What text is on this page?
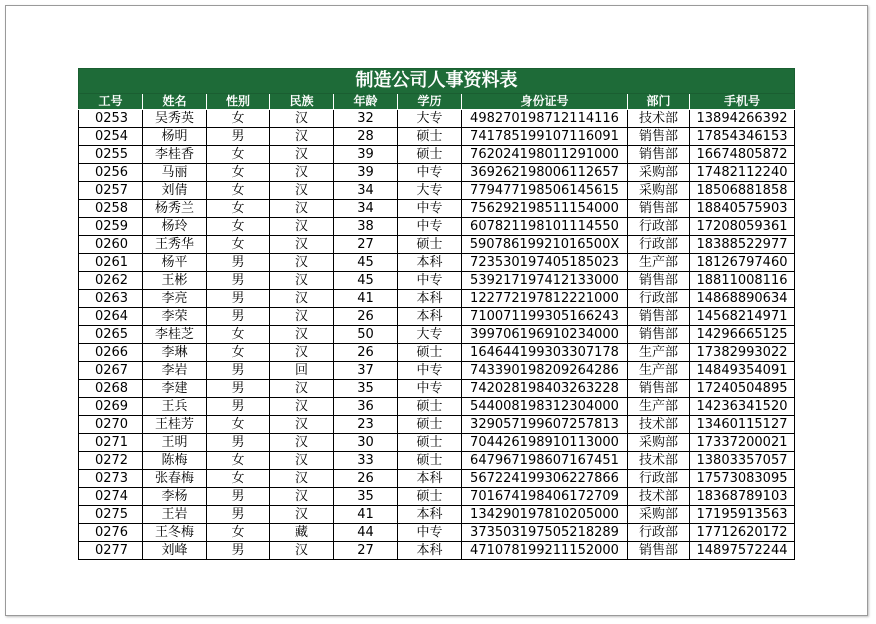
制造公司人事资料表								
工号	姓名	性别	民族	年龄	学历	身份证号	部门	手机号
0253	吴秀英	女	汉	32	大专	498270198712114116	技术部	13894266392
0254	杨明	男	汉	28	硕士	741785199107116091	销售部	17854346153
0255	李桂香	女	汉	39	硕士	762024198011291000	销售部	16674805872
0256	马丽	女	汉	39	中专	369262198006112657	采购部	17482112240
0257	刘倩	女	汉	34	大专	779477198506145615	采购部	18506881858
0258	杨秀兰	女	汉	34	中专	756292198511154000	销售部	18840575903
0259	杨玲	女	汉	38	中专	607821198101114550	行政部	17208059361
0260	王秀华	女	汉	27	硕士	59078619921016500X	行政部	18388522977
0261	杨平	男	汉	45	本科	723530197405185023	生产部	18126797460
0262	王彬	男	汉	45	中专	539217197412133000	销售部	18811008116
0263	李亮	男	汉	41	本科	122772197812221000	行政部	14868890634
0264	李荣	男	汉	26	本科	710071199305166243	销售部	14568214971
0265	李桂芝	女	汉	50	大专	399706196910234000	销售部	14296665125
0266	李琳	女	汉	26	硕士	164644199303307178	生产部	17382993022
0267	李岩	男	回	37	中专	743390198209264286	生产部	14849354091
0268	李建	男	汉	35	中专	742028198403263228	销售部	17240504895
0269	王兵	男	汉	36	硕士	544008198312304000	生产部	14236341520
0270	王桂芳	女	汉	23	硕士	329057199607257813	技术部	13460115127
0271	王明	男	汉	30	硕士	704426198910113000	采购部	17337200021
0272	陈梅	女	汉	33	硕士	647967198607167451	技术部	13803357057
0273	张春梅	女	汉	26	本科	567224199306227866	行政部	17573083095
0274	李杨	男	汉	35	硕士	701674198406172709	技术部	18368789103
0275	王岩	男	汉	41	本科	134290197810205000	采购部	17195913563
0276	王冬梅	女	藏	44	中专	373503197505218289	行政部	17712620172
0277	刘峰	男	汉	27	本科	471078199211152000	销售部	14897572244
